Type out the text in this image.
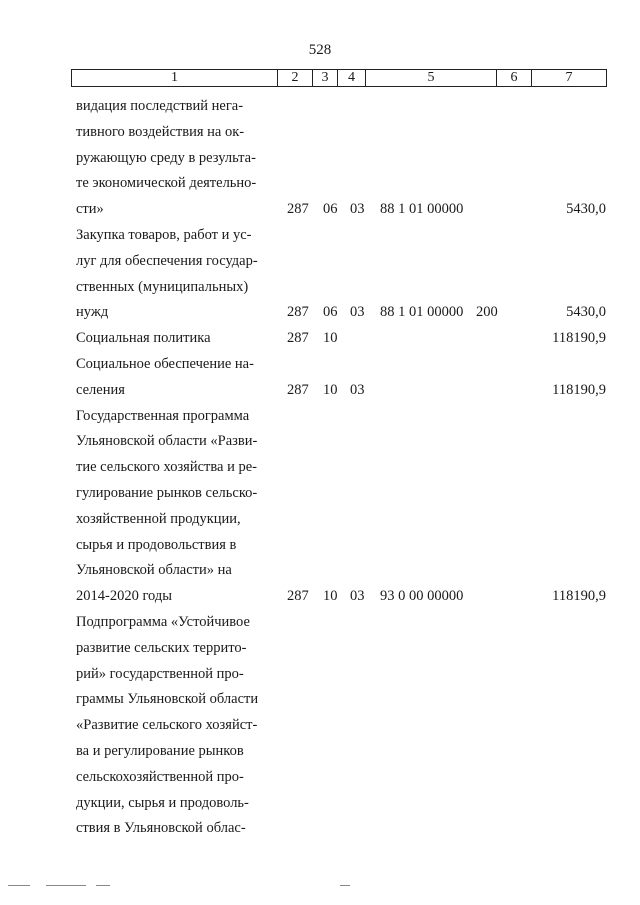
528
1	2	3	4	5	6	7
видация последствий нега-
тивного воздействия на ок-
ружающую среду в результа-
те экономической деятельно-
сти»	287 06 03 88 1 01 00000	5430,0
Закупка товаров, работ и ус-
луг для обеспечения государ-
ственных (муниципальных)
нужд	287 06 03 88 1 01 00000 200	5430,0
Социальная политика	287 10	118190,9
Социальное обеспечение на-
селения	287 10 03	118190,9
Государственная программа
Ульяновской области «Разви-
тие сельского хозяйства и ре-
гулирование рынков сельско-
хозяйственной продукции,
сырья и продовольствия в
Ульяновской области» на
2014-2020 годы	287 10 03 93 0 00 00000	118190,9
Подпрограмма «Устойчивое
развитие сельских террито-
рий» государственной про-
граммы Ульяновской области
«Развитие сельского хозяйст-
ва и регулирование рынков
сельскохозяйственной про-
дукции, сырья и продоволь-
ствия в Ульяновской облас-
